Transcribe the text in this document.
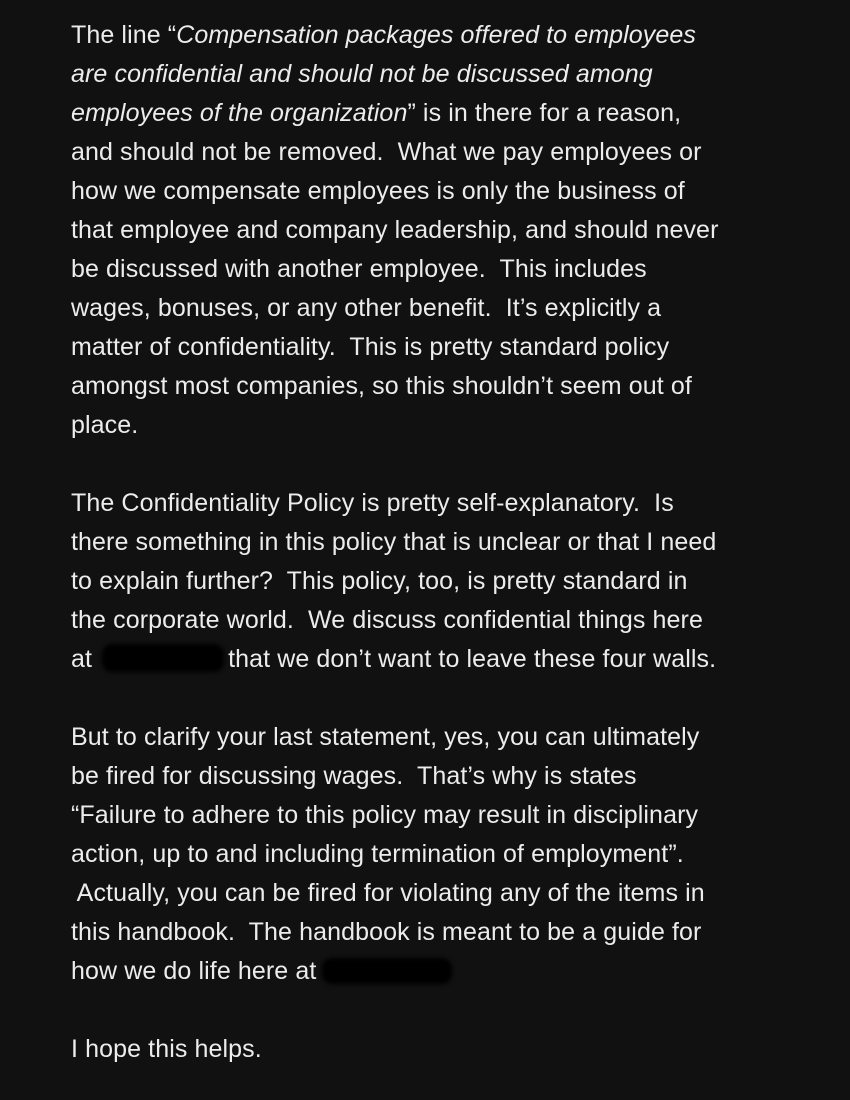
The line “Compensation packages offered to employees
are confidential and should not be discussed among
employees of the organization” is in there for a reason,
and should not be removed.  What we pay employees or
how we compensate employees is only the business of
that employee and company leadership, and should never
be discussed with another employee.  This includes
wages, bonuses, or any other benefit.  It’s explicitly a
matter of confidentiality.  This is pretty standard policy
amongst most companies, so this shouldn’t seem out of
place.

The Confidentiality Policy is pretty self-explanatory.  Is
there something in this policy that is unclear or that I need
to explain further?  This policy, too, is pretty standard in
the corporate world.  We discuss confidential things here
at	that we don’t want to leave these four walls.

But to clarify your last statement, yes, you can ultimately
be fired for discussing wages.  That’s why is states
“Failure to adhere to this policy may result in disciplinary
action, up to and including termination of employment”.
Actually, you can be fired for violating any of the items in
this handbook.  The handbook is meant to be a guide for
how we do life here at

I hope this helps.
